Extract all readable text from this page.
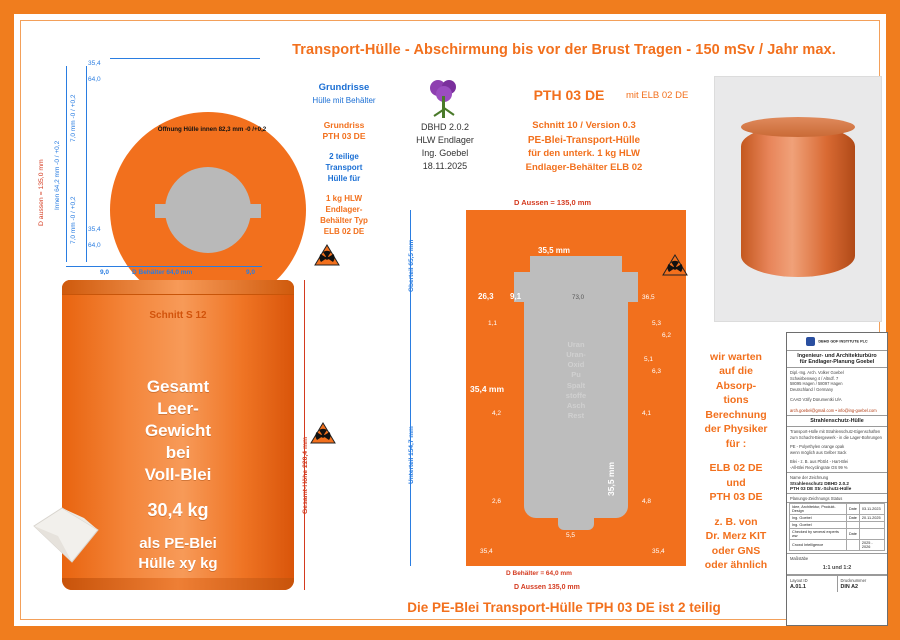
Transport-Hülle - Abschirmung bis vor der Brust Tragen - 150 mSv / Jahr max.
Die PE-Blei Transport-Hülle TPH 03 DE ist 2 teilig
Öffnung Hülle innen 82,3 mm -0 /+0,2
D aussen = 135,0 mm Innen 64,2 mm -0 / +0,2
7,0 mm -0 / +0,2
7,0 mm -0 / +0,2
35,4
64,0
35,4
64,0
9,0	D Behälter 64,0 mm	9,0
Grundrisse
Hülle mit Behälter
Grundriss
PTH 03 DE
2 teilige
Transport
Hülle für
1 kg HLW
Endlager-
Behälter Typ
ELB 02 DE
Schnitt S 12
Gesamt
Leer-
Gewicht
bei
Voll-Blei
30,4 kg
als PE-Blei
Hülle xy kg
Gesamt-Höhe 220,4 mm
DBHD 2.0.2
HLW Endlager
Ing. Goebel
18.11.2025
PTH 03 DE	mit ELB 02 DE
Schnitt 10 / Version 0.3
PE-Blei-Transport-Hülle
für den unterk. 1 kg HLW
Endlager-Behälter ELB 02
D Aussen = 135,0 mm
Uran
Uran-
Oxid
Pu
Spalt
stoffe
Asch
Rest
35,5 mm
26,3 9,1	73,0	36,5
1,1	5,3
6,2
35,4 mm
5,1
6,3
4,2	4,1
2,6	4,8
5,5
35,5 mm
35,4	35,4
Oberteil 65,5 mm
Unterteil 154,7 mm
D Behälter = 64,0 mm
D Aussen 135,0 mm
wir warten
auf die
Absorp-
tions
Berechnung
der Physiker
für :
ELB 02 DE
und
PTH 03 DE
z. B. von
Dr. Merz KIT
oder GNS
oder ähnlich
DBHD GDF INSTITUTE PLC
Ingenieur- und Architekturbüro
für Endlager-Planung Goebel
Dipl.-Ing. Arch. Volker Goebel
Schwirbenweg 4 / Altndf. 7
58095 Hagen / 58097 Hagen
Deutschland / Germany
CAAD V3ify Dürumentki U/A
arch.goebel@gmail.com • info@ing-goebel.com
Strahlenschutz-Hülle
Transport-Hülle mit Strahlenschutz-Eigenschaften
zum Schacht-Biergewerk - in die Lager-Bohrungen
PE - Polyethylen orange opak
wenn möglich aus Gelber Sack
Blei - z. B. aus PbSl4 - Hart-Blei
-All-Blei Recyclingrate OS 99 %
Name der Zeichnung
Strahlenschutz DBHD 2.0.2
PTH 03 DE Str.-Schutz-Hülle
Planungs-Zeichnungs Status
Idee, Architektur, Produkt-Design	Date	03.11.2023
Ing. Goebel	Date	20.11.2025
Ing. Goebel		
Checked by several experts ww	Date	
Crowd Intelligence		2025 - 2026
Maßstäbe
1:1 und 1:2
Layout ID
A.01.1
Drucknummer
DIN A2
